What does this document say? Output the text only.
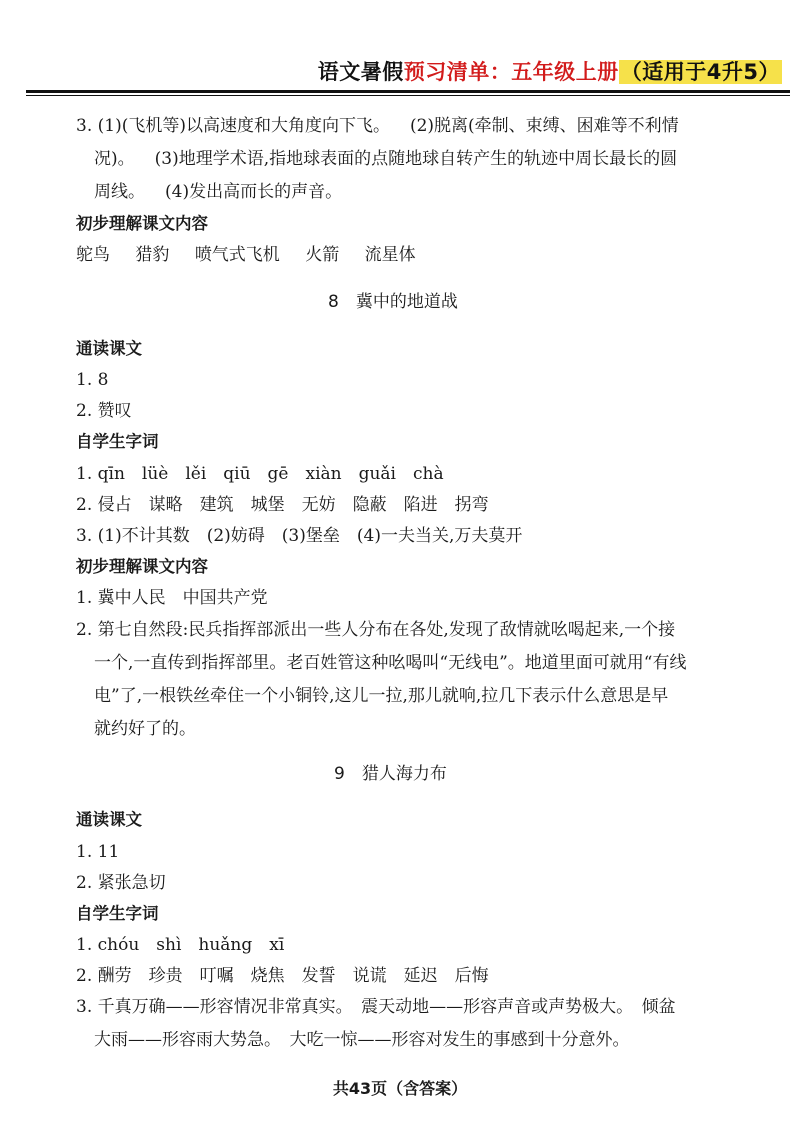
语文暑假预习清单：五年级上册（适用于4升5）
3. (1)(飞机等)以高速度和大角度向下飞。 (2)脱离(牵制、束缚、困难等不利情
况)。 (3)地理学术语,指地球表面的点随地球自转产生的轨迹中周长最长的圆
周线。 (4)发出高而长的声音。
初步理解课文内容
鸵鸟 猎豹 喷气式飞机 火箭 流星体
8　冀中的地道战
通读课文
1. 8
2. 赞叹
自学生字词
1. qīn　lüè　lěi　qiū　gē　xiàn　guǎi　chà
2. 侵占　谋略　建筑　城堡　无妨　隐蔽　陷进　拐弯
3. (1)不计其数　(2)妨碍　(3)堡垒　(4)一夫当关,万夫莫开
初步理解课文内容
1. 冀中人民　中国共产党
2. 第七自然段:民兵指挥部派出一些人分布在各处,发现了敌情就吆喝起来,一个接
一个,一直传到指挥部里。老百姓管这种吆喝叫“无线电”。地道里面可就用“有线
电”了,一根铁丝牵住一个小铜铃,这儿一拉,那儿就响,拉几下表示什么意思是早
就约好了的。
9　猎人海力布
通读课文
1. 11
2. 紧张急切
自学生字词
1. chóu　shì　huǎng　xī
2. 酬劳　珍贵　叮嘱　烧焦　发誓　说谎　延迟　后悔
3. 千真万确——形容情况非常真实。　震天动地——形容声音或声势极大。　倾盆
大雨——形容雨大势急。　大吃一惊——形容对发生的事感到十分意外。
共43页（含答案）
